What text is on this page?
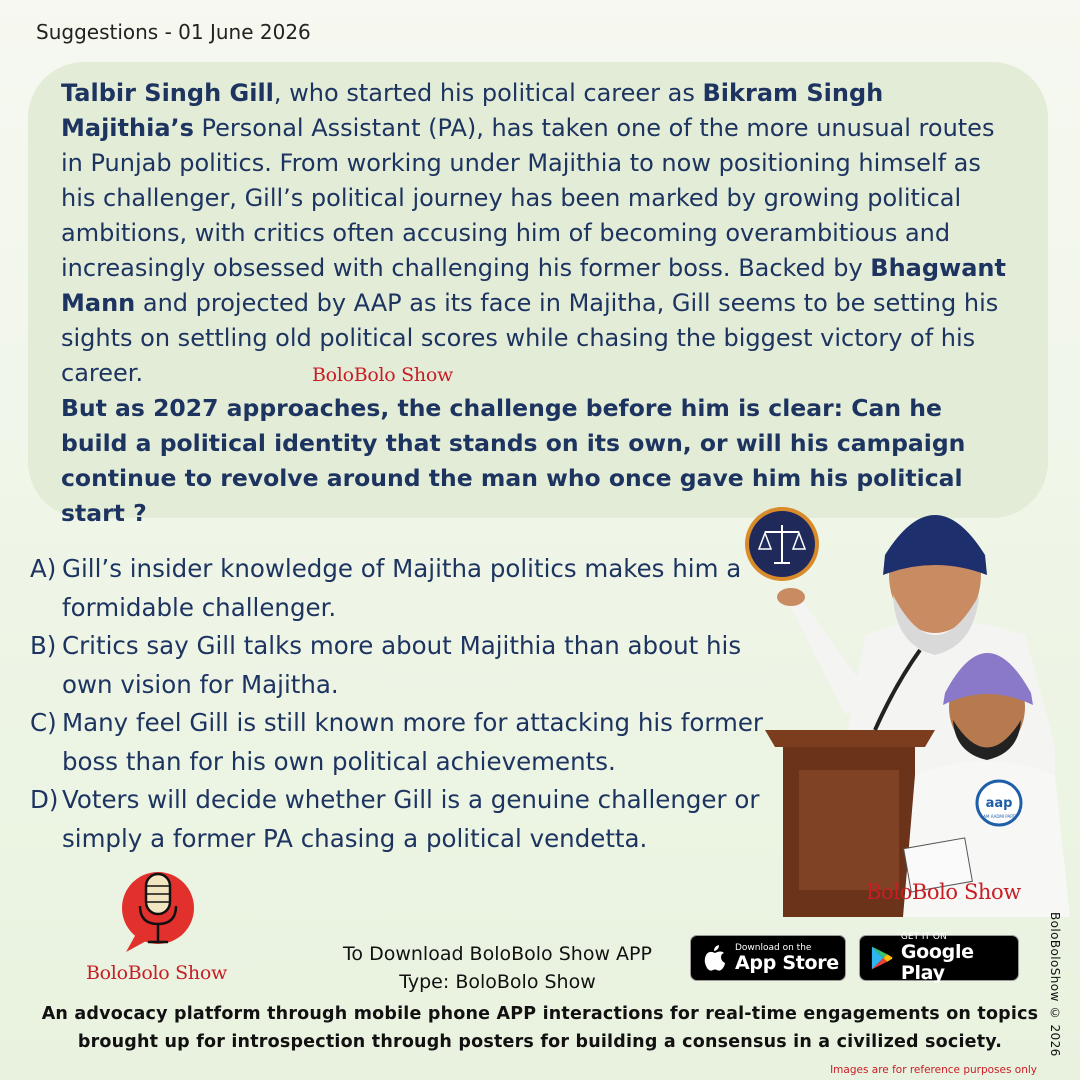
Suggestions - 01 June 2026

Talbir Singh Gill, who started his political career as Bikram Singh Majithia’s Personal Assistant (PA), has taken one of the more unusual routes in Punjab politics. From working under Majithia to now positioning himself as his challenger, Gill’s political journey has been marked by growing political ambitions, with critics often accusing him of becoming overambitious and increasingly obsessed with challenging his former boss. Backed by Bhagwant Mann and projected by AAP as its face in Majitha, Gill seems to be setting his sights on settling old political scores while chasing the biggest victory of his career.

But as 2027 approaches, the challenge before him is clear: Can he build a political identity that stands on its own, or will his campaign continue to revolve around the man who once gave him his political start ?

BoloBolo Show
A) Gill’s insider knowledge of Majitha politics makes him a formidable challenger.
B) Critics say Gill talks more about Majithia than about his own vision for Majitha.
C) Many feel Gill is still known more for attacking his former boss than for his own political achievements.
D) Voters will decide whether Gill is a genuine challenger or simply a former PA chasing a political vendetta.
aap
AAM AADMI PARTY
BoloBolo Show
BoloBolo Show
To Download BoloBolo Show APP
Type: BoloBolo Show
Download on the
App Store
GET IT ON
Google Play
An advocacy platform through mobile phone APP interactions for real-time engagements on topics brought up for introspection through posters for building a consensus in a civilized society.	BoloBoloShow © 2026
Images are for reference purposes only
